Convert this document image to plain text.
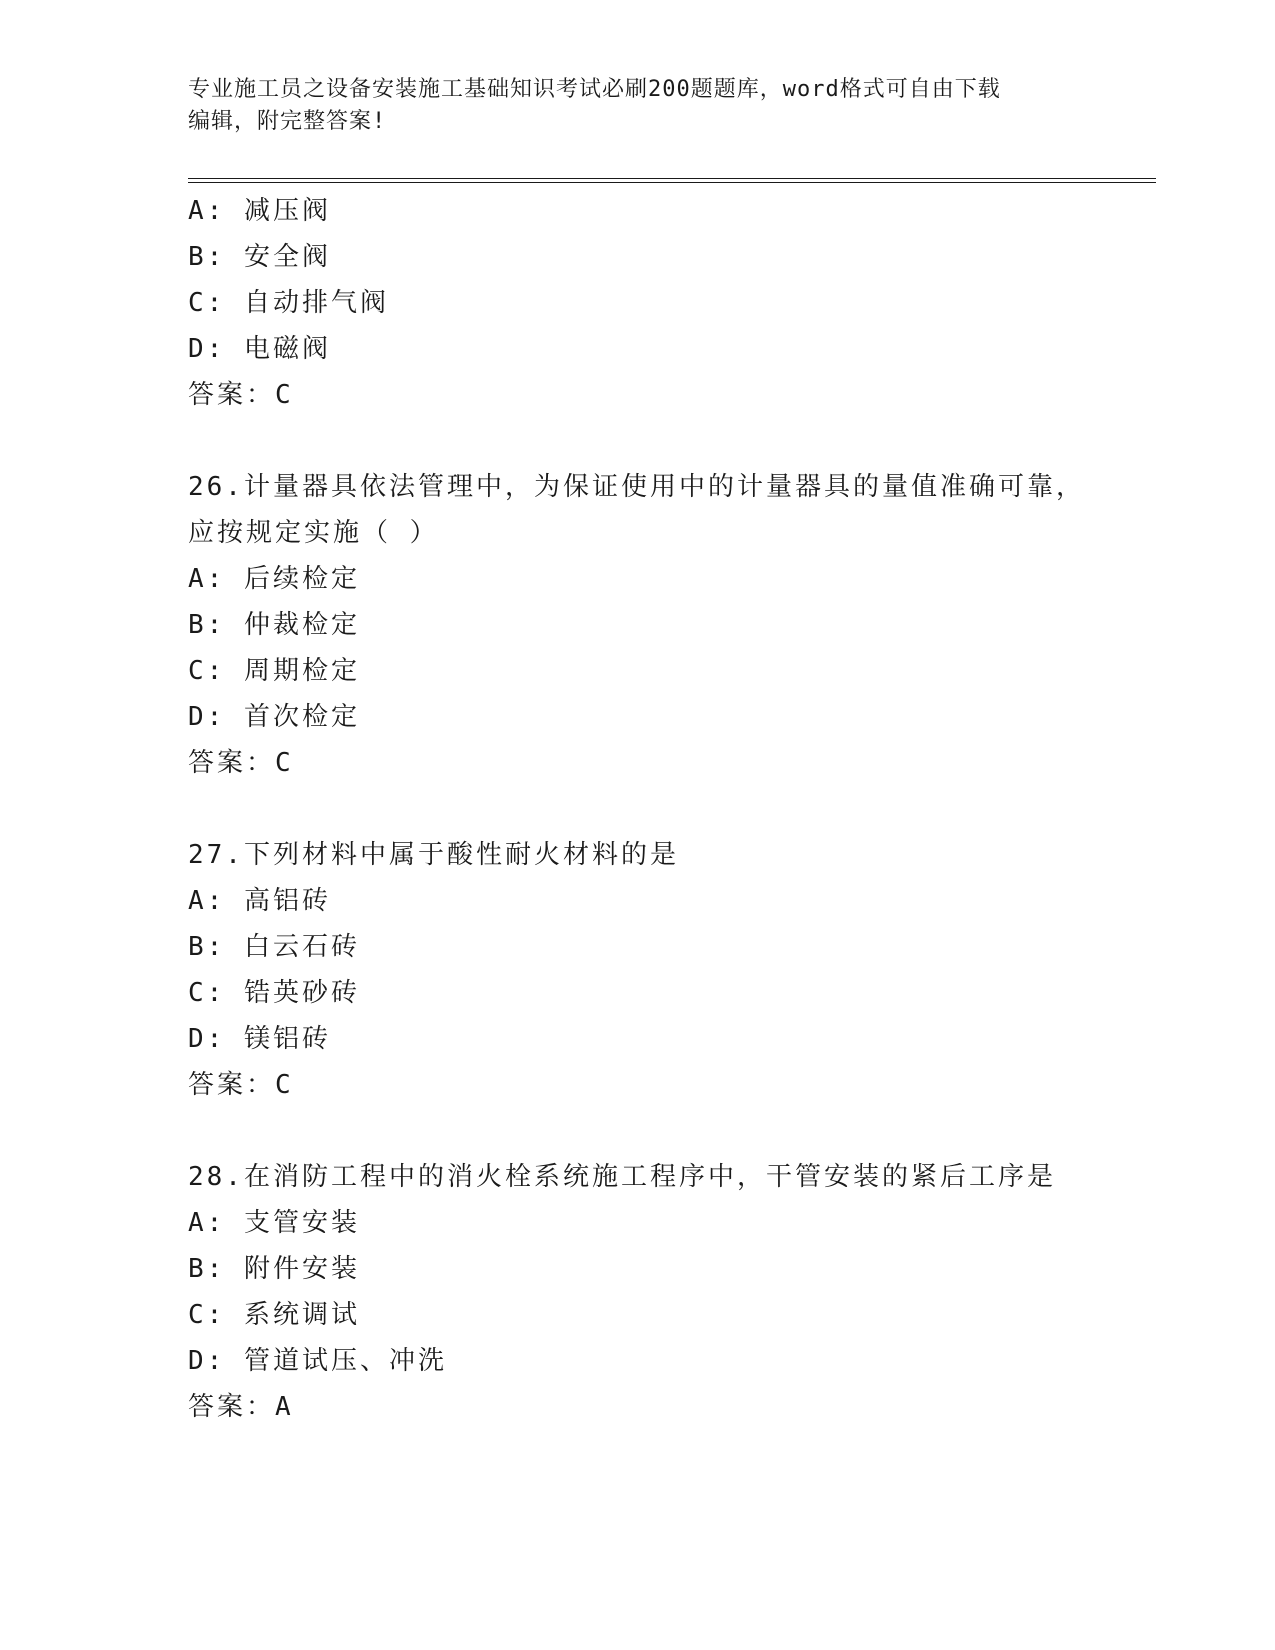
专业施工员之设备安装施工基础知识考试必刷200题题库，word格式可自由下载
编辑，附完整答案!
A: 减压阀
B: 安全阀
C: 自动排气阀
D: 电磁阀
答案：C
26.计量器具依法管理中，为保证使用中的计量器具的量值准确可靠，
应按规定实施（ ）
A: 后续检定
B: 仲裁检定
C: 周期检定
D: 首次检定
答案：C
27.下列材料中属于酸性耐火材料的是
A: 高铝砖
B: 白云石砖
C: 锆英砂砖
D: 镁铝砖
答案：C
28.在消防工程中的消火栓系统施工程序中，干管安装的紧后工序是
A: 支管安装
B: 附件安装
C: 系统调试
D: 管道试压、冲洗
答案：A
